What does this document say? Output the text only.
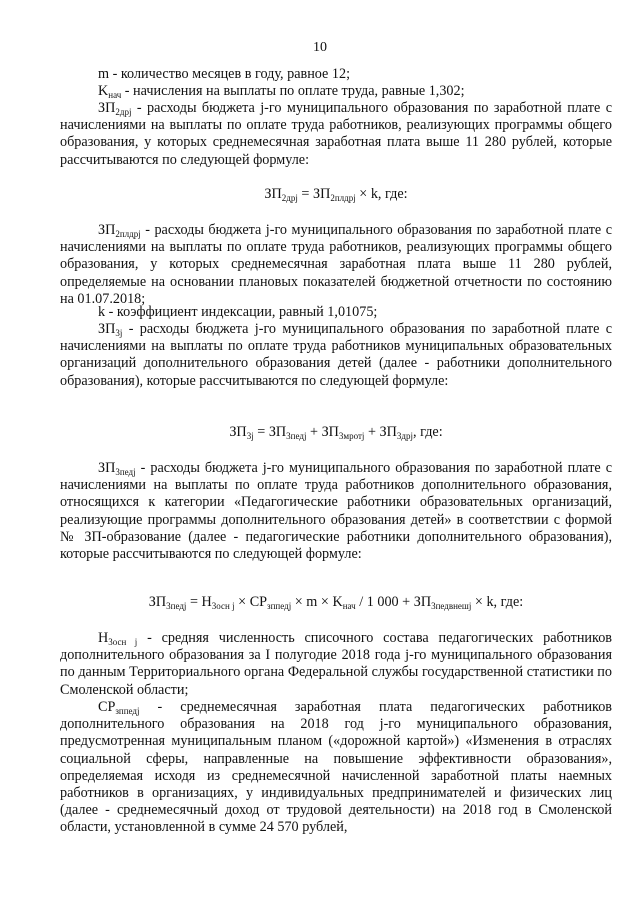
10

m - количество месяцев в году, равное 12;

$K_{нач}$ - начисления на выплаты по оплате труда, равные 1,302;

$ЗП_{2дрj}$ - расходы бюджета j-го муниципального образования по заработной плате с начислениями на выплаты по оплате труда работников, реализующих программы общего образования, у которых среднемесячная заработная плата выше 11 280 рублей, которые рассчитываются по следующей формуле:

$ЗП_{2дрj} = ЗП_{2плдрj} \times k$, где:

$ЗП_{2плдрj}$ - расходы бюджета j-го муниципального образования по заработной плате с начислениями на выплаты по оплате труда работников, реализующих программы общего образования, у которых среднемесячная заработная плата выше 11 280 рублей, определяемые на основании плановых показателей бюджетной отчетности по состоянию на 01.07.2018;

k - коэффициент индексации, равный 1,01075;

$ЗП_{3j}$ - расходы бюджета j-го муниципального образования по заработной плате с начислениями на выплаты по оплате труда работников муниципальных образовательных организаций дополнительного образования детей (далее - работники дополнительного образования), которые рассчитываются по следующей формуле:

$ЗП_{3j} = ЗП_{3педj} + ЗП_{3мротj} + ЗП_{3дрj}$, где:

$ЗП_{3педj}$ - расходы бюджета j-го муниципального образования по заработной плате с начислениями на выплаты по оплате труда работников дополнительного образования, относящихся к категории «Педагогические работники образовательных организаций, реализующие программы дополнительного образования детей» в соответствии с формой № ЗП-образование (далее - педагогические работники дополнительного образования), которые рассчитываются по следующей формуле:

$ЗП_{3педj} = Н_{3осн j} \times СР_{зппедj} \times m \times K_{нач} / 1$ $000 + ЗП_{3педвнешj} \times k$, где:

$Н_{3осн j}$ - средняя численность списочного состава педагогических работников дополнительного образования за I полугодие 2018 года j-го муниципального образования по данным Территориального органа Федеральной службы государственной статистики по Смоленской области;

$СР_{зппедj}$ - среднемесячная заработная плата педагогических работников дополнительного образования на 2018 год j-го муниципального образования, предусмотренная муниципальным планом («дорожной картой») «Изменения в отраслях социальной сферы, направленные на повышение эффективности образования», определяемая исходя из среднемесячной начисленной заработной платы наемных работников в организациях, у индивидуальных предпринимателей и физических лиц (далее - среднемесячный доход от трудовой деятельности) на 2018 год в Смоленской области, установленной в сумме 24 570 рублей,
